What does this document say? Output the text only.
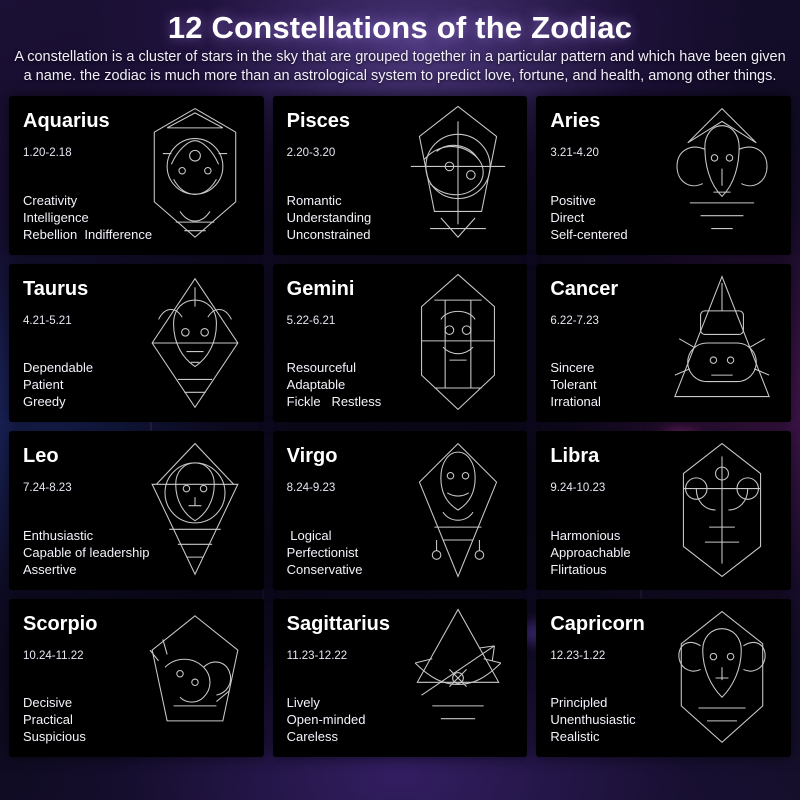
12 Constellations of the Zodiac
A constellation is a cluster of stars in the sky that are grouped together in a particular pattern and which have been given a name. the zodiac is much more than an astrological system to predict love, fortune, and health, among other things.
Aquarius
1.20-2.18
Creativity
Intelligence
Rebellion  Indifference
Pisces
2.20-3.20
Romantic
Understanding
Unconstrained
Aries
3.21-4.20
Positive
Direct
Self-centered
Taurus
4.21-5.21
Dependable
Patient
Greedy
Gemini
5.22-6.21
Resourceful
Adaptable
Fickle   Restless
Cancer
6.22-7.23
Sincere
Tolerant
Irrational
Leo
7.24-8.23
Enthusiastic
Capable of leadership
Assertive
Virgo
8.24-9.23
Logical
Perfectionist
Conservative
Libra
9.24-10.23
Harmonious
Approachable
Flirtatious
Scorpio
10.24-11.22
Decisive
Practical
Suspicious
Sagittarius
11.23-12.22
Lively
Open-minded
Careless
Capricorn
12.23-1.22
Principled
Unenthusiastic
Realistic
